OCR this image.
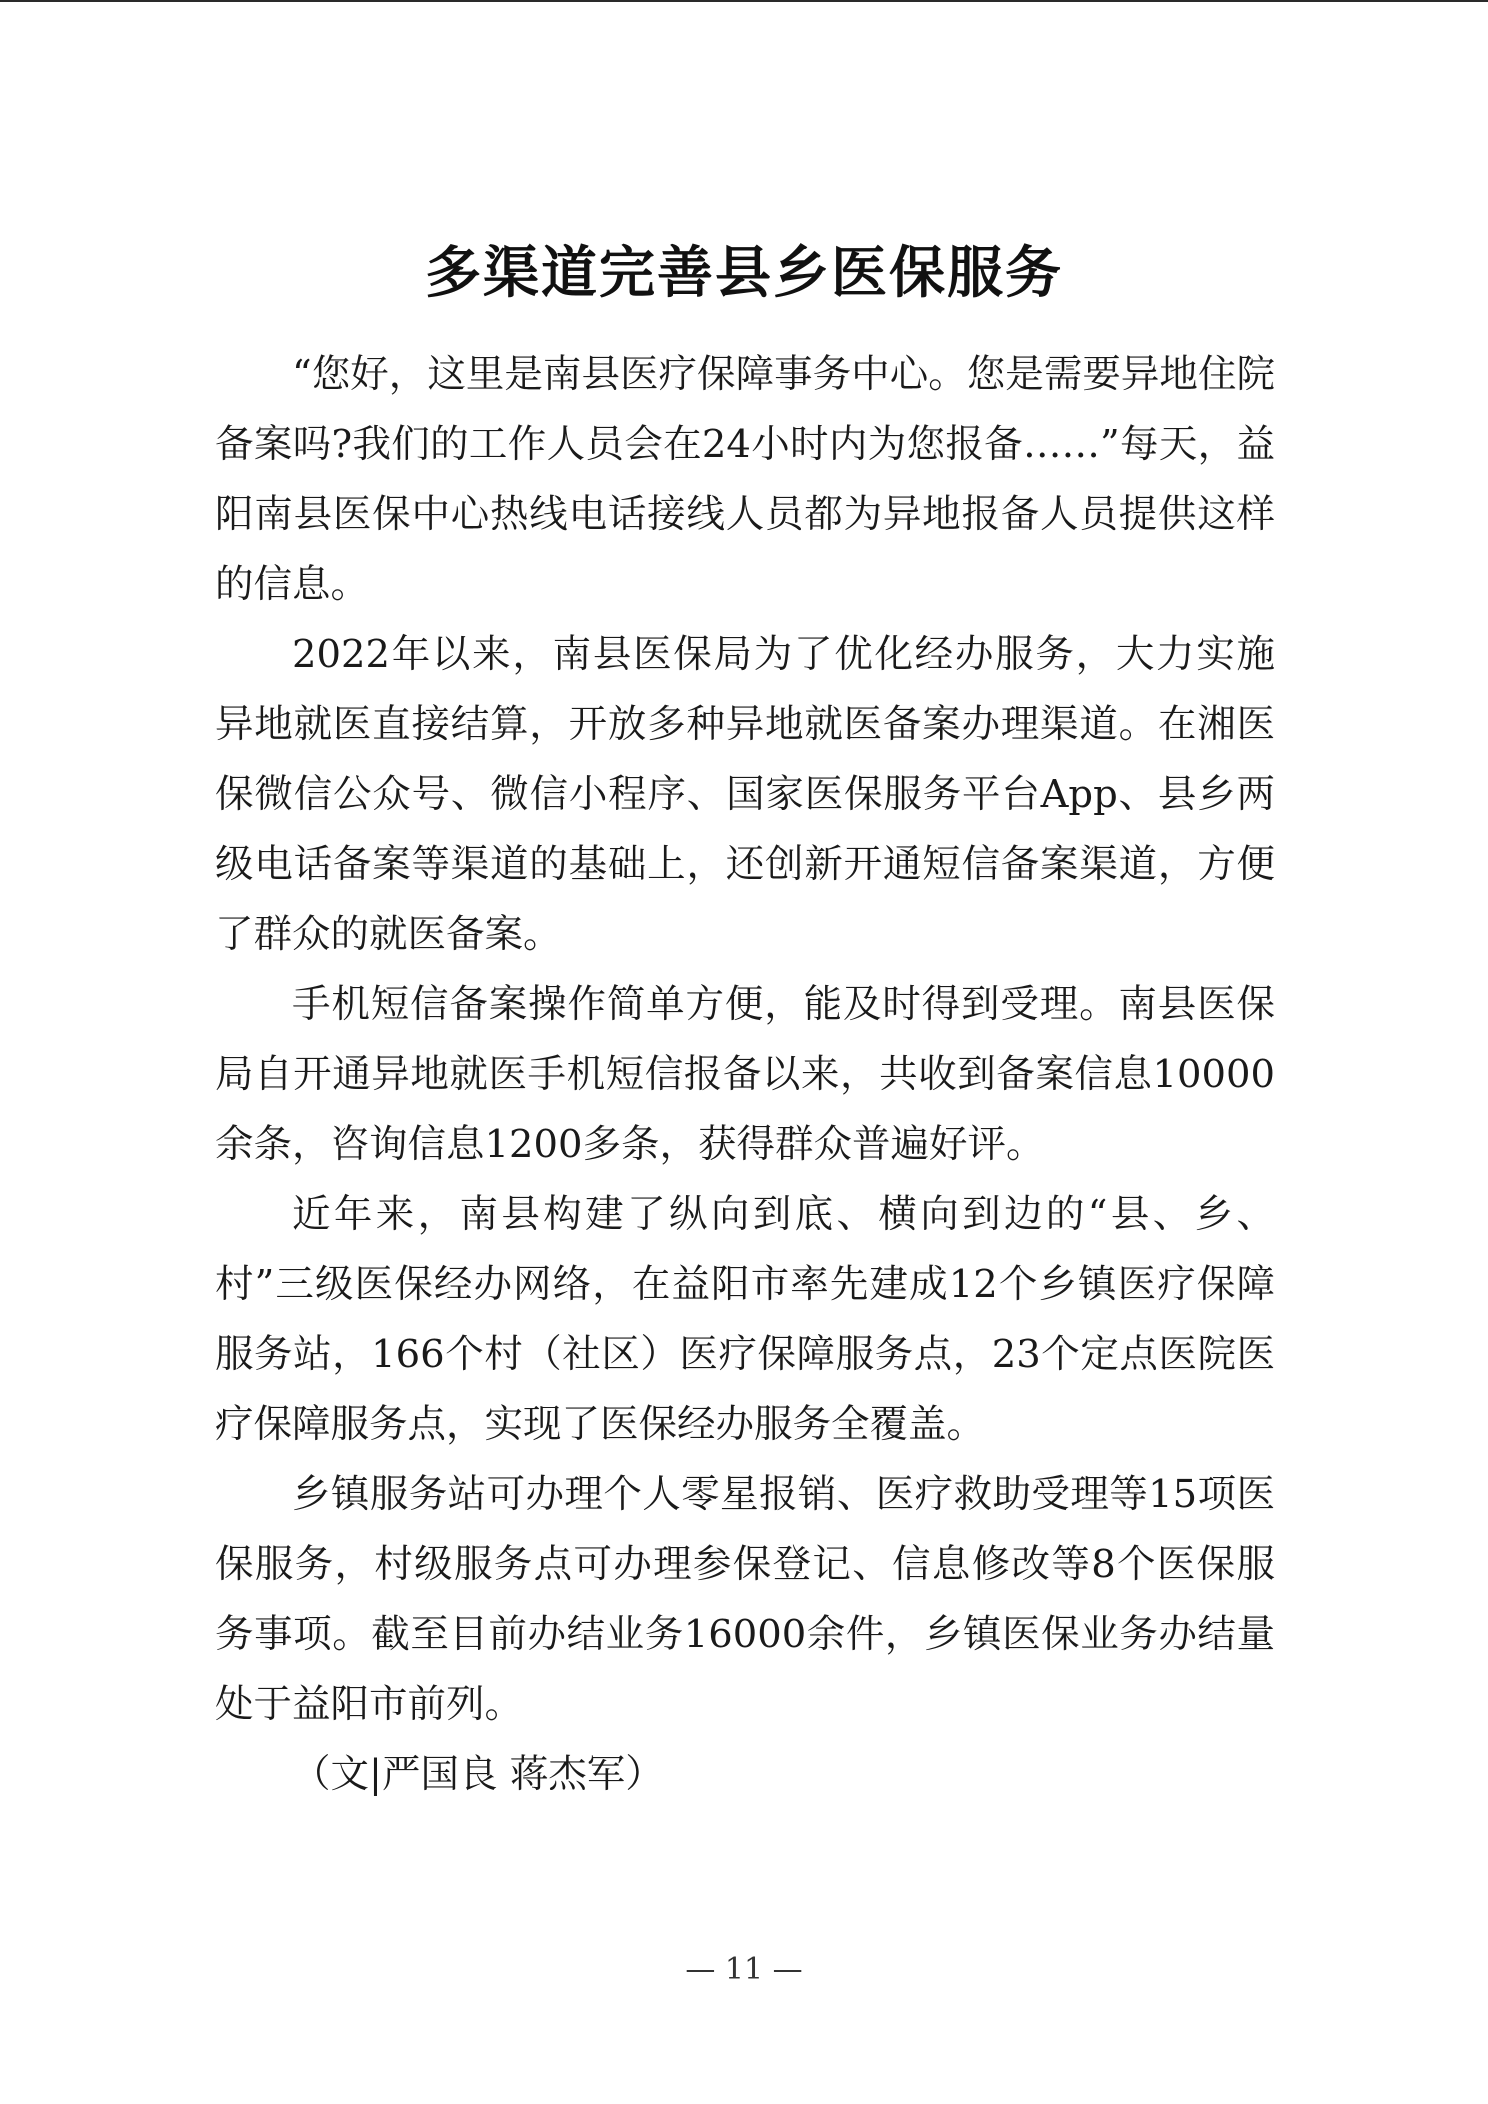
多渠道完善县乡医保服务

“您好，这里是南县医疗保障事务中心。您是需要异地住院备案吗?我们的工作人员会在24小时内为您报备……”每天，益阳南县医保中心热线电话接线人员都为异地报备人员提供这样的信息。

2022年以来，南县医保局为了优化经办服务，大力实施异地就医直接结算，开放多种异地就医备案办理渠道。在湘医保微信公众号、微信小程序、国家医保服务平台App、县乡两级电话备案等渠道的基础上，还创新开通短信备案渠道，方便了群众的就医备案。

手机短信备案操作简单方便，能及时得到受理。南县医保局自开通异地就医手机短信报备以来，共收到备案信息10000余条，咨询信息1200多条，获得群众普遍好评。

近年来，南县构建了纵向到底、横向到边的“县、乡、村”三级医保经办网络，在益阳市率先建成12个乡镇医疗保障服务站，166个村（社区）医疗保障服务点，23个定点医院医疗保障服务点，实现了医保经办服务全覆盖。

乡镇服务站可办理个人零星报销、医疗救助受理等15项医保服务，村级服务点可办理参保登记、信息修改等8个医保服务事项。截至目前办结业务16000余件，乡镇医保业务办结量处于益阳市前列。

（文|严国良 蒋杰军）

— 11 —
